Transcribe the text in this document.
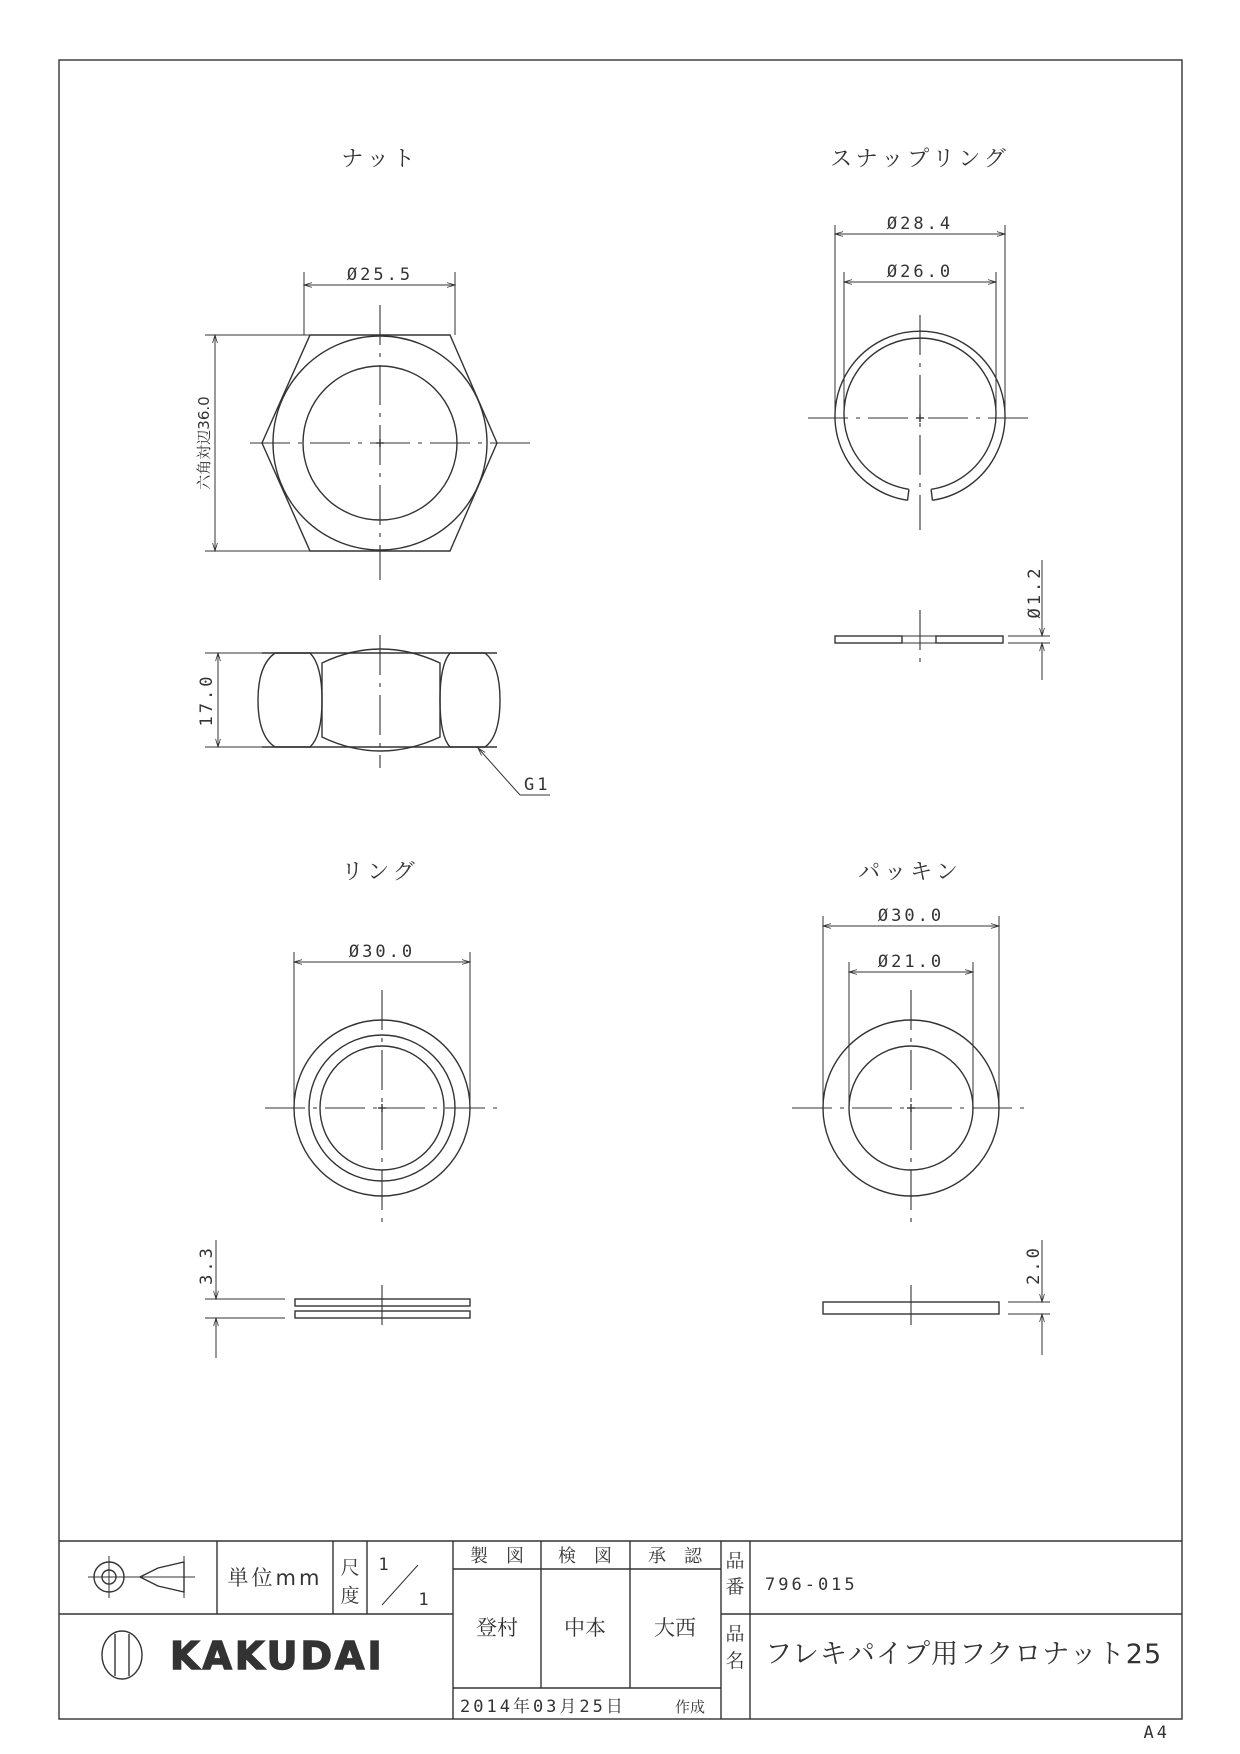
ナット
Ø25.5
六角対辺36.0
17.0
G1
スナップリング
Ø28.4
Ø26.0
Ø1.2
リング
Ø30.0
3.3
パッキン
Ø30.0
Ø21.0
2.0
単位mm 尺
度
1
1
製　図 検　図 承　認
登村 中本 大西
品
番 796-015
品
名 フレキパイプ用フクロナット25
2014年03月25日	作成
KAKUDAI
A4
